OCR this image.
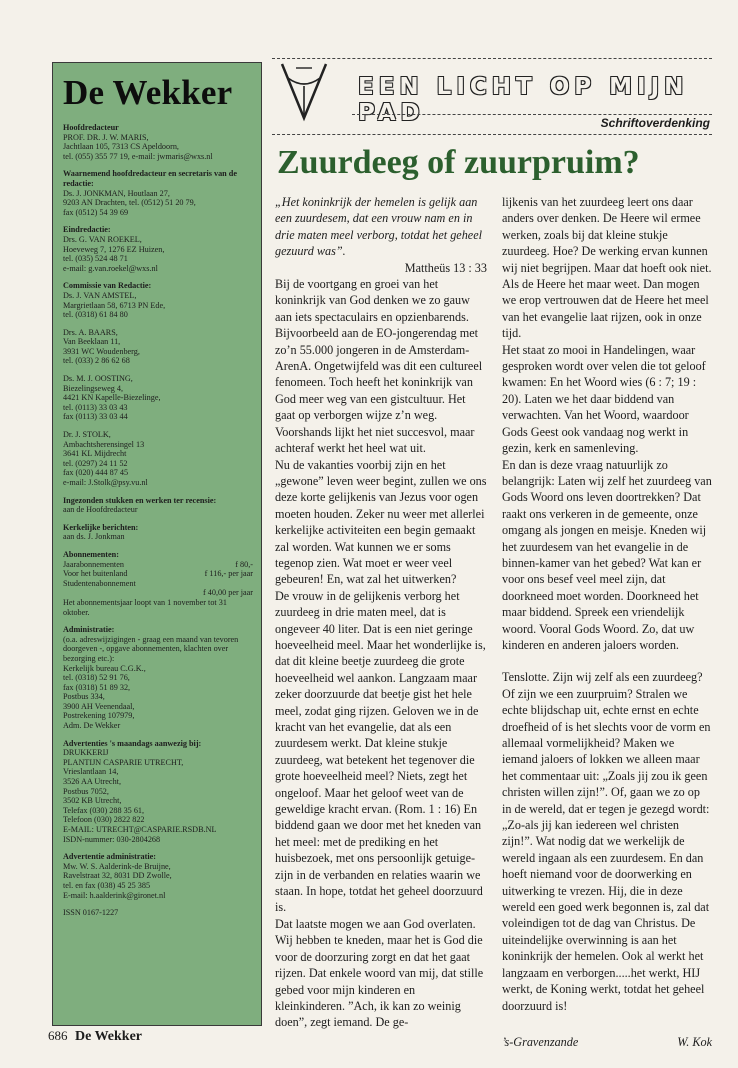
De Wekker
Hoofdredacteur
PROF. DR. J. W. MARIS,
Jachtlaan 105, 7313 CS Apeldoorn,
tel. (055) 355 77 19, e-mail: jwmaris@wxs.nl
Waarnemend hoofdredacteur en secretaris van de redactie:
Ds. J. JONKMAN, Houtlaan 27,
9203 AN Drachten, tel. (0512) 51 20 79,
fax (0512) 54 39 69
Eindredactie:
Drs. G. VAN ROEKEL,
Hoeveweg 7, 1276 EZ Huizen,
tel. (035) 524 48 71
e-mail: g.van.roekel@wxs.nl
Commissie van Redactie:
Ds. J. VAN AMSTEL,
Margrietlaan 58, 6713 PN Ede,
tel. (0318) 61 84 80
Drs. A. BAARS,
Van Beeklaan 11,
3931 WC Woudenberg,
tel. (033) 2 86 62 68
Ds. M. J. OOSTING,
Biezelingseweg 4,
4421 KN Kapelle-Biezelinge,
tel. (0113) 33 03 43
fax (0113) 33 03 44
Dr. J. STOLK,
Ambachtsherensingel 13
3641 KL Mijdrecht
tel. (0297) 24 11 52
fax (020) 444 87 45
e-mail: J.Stolk@psy.vu.nl
Ingezonden stukken en werken ter recensie:
aan de Hoofdredacteur
Kerkelijke berichten:
aan ds. J. Jonkman
Abonnementen:
Jaarabonnementen	f 80,-
Voor het buitenland	f 116,- per jaar
Studentenabonnement
f 40,00 per jaar
Het abonnementsjaar loopt van 1 november tot 31 oktober.
Administratie:
(o.a. adreswijzigingen - graag een maand van tevoren doorgeven -, opgave abonnementen, klachten over bezorging etc.):
Kerkelijk bureau C.G.K.,
tel. (0318) 52 91 76,
fax (0318) 51 89 32,
Postbus 334,
3900 AH Veenendaal,
Postrekening 107979,
Adm. De Wekker
Advertenties 's maandags aanwezig bij:
DRUKKERIJ
PLANTIJN CASPARIE UTRECHT,
Vrieslantlaan 14,
3526 AA Utrecht,
Postbus 7052,
3502 KB Utrecht,
Telefax (030) 288 35 61,
Telefoon (030) 2822 822
E-MAIL: UTRECHT@CASPARIE.RSDB.NL
ISDN-nummer: 030-2804268
Advertentie administratie:
Mw. W. S. Aalderink-de Bruijne,
Ravelstraat 32, 8031 DD Zwolle,
tel. en fax (038) 45 25 385
E-mail: h.aalderink@gironet.nl
ISSN 0167-1227
686 De Wekker
EEN LICHT OP MIJN PAD	Schriftoverdenking
Zuurdeeg of zuurpruim?

„Het koninkrijk der hemelen is gelijk aan een zuurdesem, dat een vrouw nam en in drie maten meel verborg, totdat het geheel gezuurd was”.

Mattheüs 13 : 33

Bij de voortgang en groei van het koninkrijk van God denken we zo gauw aan iets spectaculairs en opzienbarends. Bijvoorbeeld aan de EO-jongerendag met zo’n 55.000 jongeren in de Amsterdam-ArenA. Ongetwijfeld was dit een cultureel fenomeen. Toch heeft het koninkrijk van God meer weg van een gistcultuur. Het gaat op verborgen wijze z’n weg. Voorshands lijkt het niet succesvol, maar achteraf werkt het heel wat uit.

Nu de vakanties voorbij zijn en het „gewone” leven weer begint, zullen we ons deze korte gelijkenis van Jezus voor ogen moeten houden. Zeker nu weer met allerlei kerkelijke activiteiten een begin gemaakt zal worden. Wat kunnen we er soms tegenop zien. Wat moet er weer veel gebeuren! En, wat zal het uitwerken?

De vrouw in de gelijkenis verborg het zuurdeeg in drie maten meel, dat is ongeveer 40 liter. Dat is een niet geringe hoeveelheid meel. Maar het wonderlijke is, dat dit kleine beetje zuurdeeg die grote hoeveelheid wel aankon. Langzaam maar zeker doorzuurde dat beetje gist het hele meel, zodat ging rijzen. Geloven we in de kracht van het evangelie, dat als een zuurdesem werkt. Dat kleine stukje zuurdeeg, wat betekent het tegenover die grote hoeveelheid meel? Niets, zegt het ongeloof. Maar het geloof weet van de geweldige kracht ervan. (Rom. 1 : 16) En biddend gaan we door met het kneden van het meel: met de prediking en het huisbezoek, met ons persoonlijk getuige-zijn in de verbanden en relaties waarin we staan. In hope, totdat het geheel doorzuurd is.

Dat laatste mogen we aan God overlaten. Wij hebben te kneden, maar het is God die voor de doorzuring zorgt en dat het gaat rijzen. Dat enkele woord van mij, dat stille gebed voor mijn kinderen en kleinkinderen. ”Ach, ik kan zo weinig doen”, zegt iemand. De ge-

lijkenis van het zuurdeeg leert ons daar anders over denken. De Heere wil ermee werken, zoals bij dat kleine stukje zuurdeeg. Hoe? De werking ervan kunnen wij niet begrijpen. Maar dat hoeft ook niet. Als de Heere het maar weet. Dan mogen we erop vertrouwen dat de Heere het meel van het evangelie laat rijzen, ook in onze tijd.

Het staat zo mooi in Handelingen, waar gesproken wordt over velen die tot geloof kwamen: En het Woord wies (6 : 7; 19 : 20). Laten we het daar biddend van verwachten. Van het Woord, waardoor Gods Geest ook vandaag nog werkt in gezin, kerk en samenleving.

En dan is deze vraag natuurlijk zo belangrijk: Laten wij zelf het zuurdeeg van Gods Woord ons leven doortrekken? Dat raakt ons verkeren in de gemeente, onze omgang als jongen en meisje. Kneden wij het zuurdesem van het evangelie in de binnen-kamer van het gebed? Wat kan er voor ons besef veel meel zijn, dat doorkneed moet worden. Doorkneed het maar biddend. Spreek een vriendelijk woord. Vooral Gods Woord. Zo, dat uw kinderen en anderen jaloers worden.

Tenslotte. Zijn wij zelf als een zuurdeeg? Of zijn we een zuurpruim? Stralen we echte blijdschap uit, echte ernst en echte droefheid of is het slechts voor de vorm en allemaal vormelijkheid? Maken we iemand jaloers of lokken we alleen maar het commentaar uit: „Zoals jij zou ik geen christen willen zijn!”. Of, gaan we zo op in de wereld, dat er tegen je gezegd wordt: „Zo-als jij kan iedereen wel christen zijn!”. Wat nodig dat we werkelijk de wereld ingaan als een zuurdesem. En dan hoeft niemand voor de doorwerking en uitwerking te vrezen. Hij, die in deze wereld een goed werk begonnen is, zal dat voleindigen tot de dag van Christus. De uiteindelijke overwinning is aan het koninkrijk der hemelen. Ook al werkt het langzaam en verborgen.....het werkt, HIJ werkt, de Koning werkt, totdat het geheel doorzuurd is!

’s-Gravenzande	W. Kok
